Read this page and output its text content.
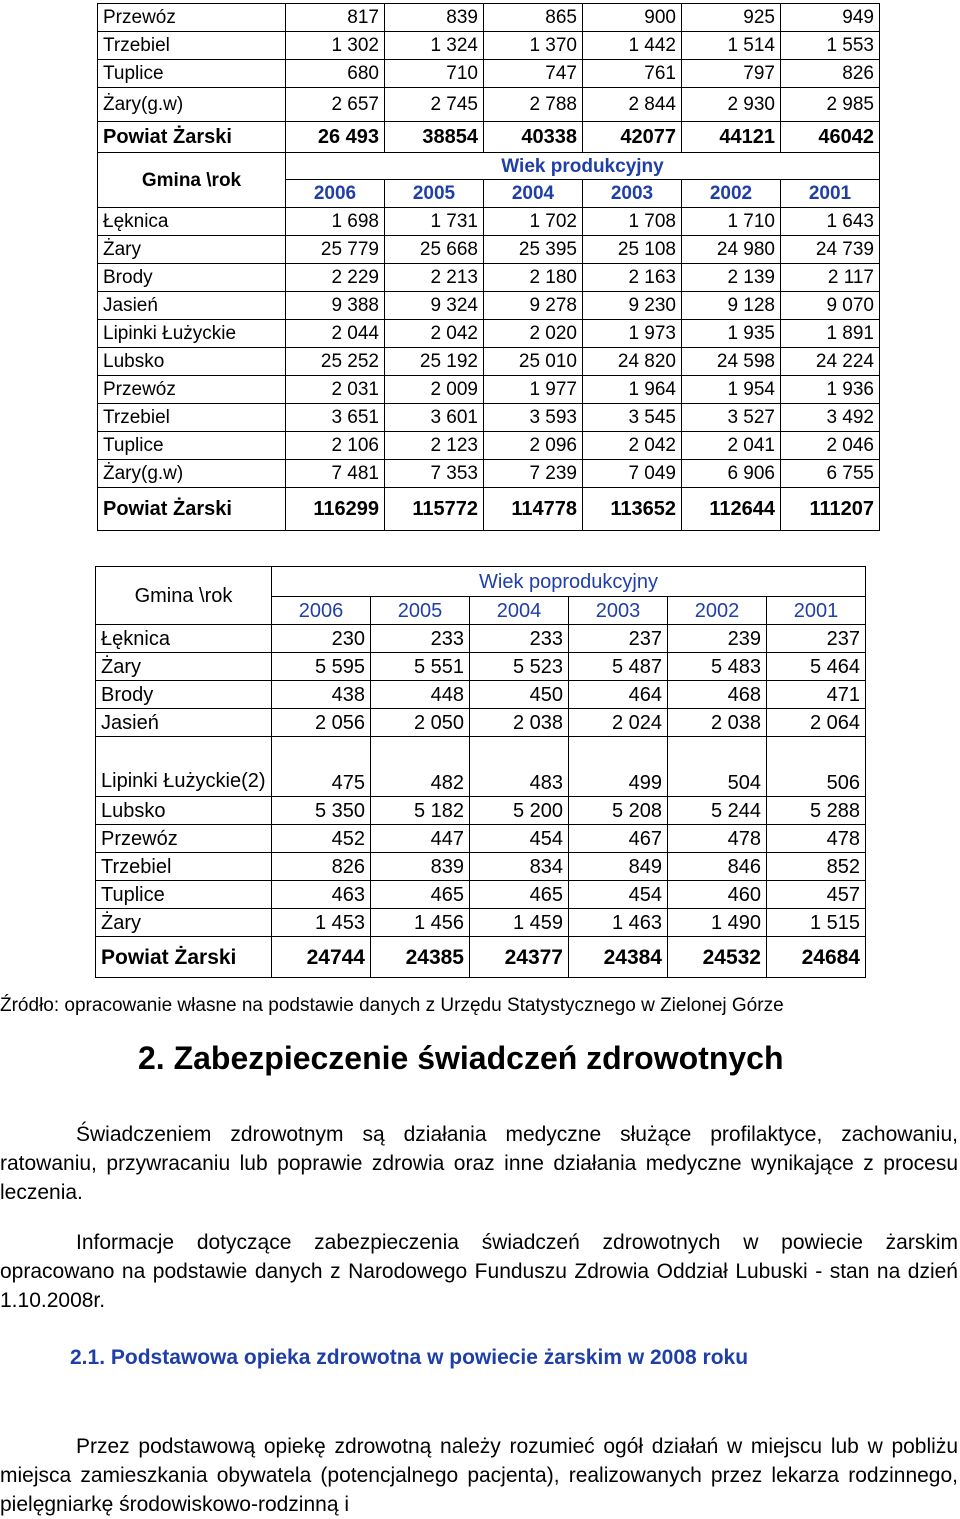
Przewóz	817	839	865	900	925	949
Trzebiel	1 302	1 324	1 370	1 442	1 514	1 553
Tuplice	680	710	747	761	797	826
Żary(g.w)	2 657	2 745	2 788	2 844	2 930	2 985
Powiat Żarski	26 493	38854	40338	42077	44121	46042
Gmina \rok	Wiek produkcyjny					
	2006	2005	2004	2003	2002	2001
Łęknica	1 698	1 731	1 702	1 708	1 710	1 643
Żary	25 779	25 668	25 395	25 108	24 980	24 739
Brody	2 229	2 213	2 180	2 163	2 139	2 117
Jasień	9 388	9 324	9 278	9 230	9 128	9 070
Lipinki Łużyckie	2 044	2 042	2 020	1 973	1 935	1 891
Lubsko	25 252	25 192	25 010	24 820	24 598	24 224
Przewóz	2 031	2 009	1 977	1 964	1 954	1 936
Trzebiel	3 651	3 601	3 593	3 545	3 527	3 492
Tuplice	2 106	2 123	2 096	2 042	2 041	2 046
Żary(g.w)	7 481	7 353	7 239	7 049	6 906	6 755
Powiat Żarski	116299	115772	114778	113652	112644	111207
Gmina \rok	Wiek poprodukcyjny					
	2006	2005	2004	2003	2002	2001
Łęknica	230	233	233	237	239	237
Żary	5 595	5 551	5 523	5 487	5 483	5 464
Brody	438	448	450	464	468	471
Jasień	2 056	2 050	2 038	2 024	2 038	2 064
Lipinki Łużyckie(2)	475	482	483	499	504	506
Lubsko	5 350	5 182	5 200	5 208	5 244	5 288
Przewóz	452	447	454	467	478	478
Trzebiel	826	839	834	849	846	852
Tuplice	463	465	465	454	460	457
Żary	1 453	1 456	1 459	1 463	1 490	1 515
Powiat Żarski	24744	24385	24377	24384	24532	24684
Źródło: opracowanie własne na podstawie danych z Urzędu Statystycznego w Zielonej Górze
2. Zabezpieczenie świadczeń zdrowotnych
Świadczeniem zdrowotnym są działania medyczne służące profilaktyce, zachowaniu, ratowaniu, przywracaniu lub poprawie zdrowia oraz inne działania medyczne wynikające z procesu leczenia.
Informacje dotyczące zabezpieczenia świadczeń zdrowotnych w powiecie żarskim opracowano na podstawie danych z Narodowego Funduszu Zdrowia Oddział Lubuski - stan na dzień 1.10.2008r.
2.1. Podstawowa opieka zdrowotna w powiecie żarskim w 2008 roku
Przez podstawową opiekę zdrowotną należy rozumieć ogół działań w miejscu lub w pobliżu miejsca zamieszkania obywatela (potencjalnego pacjenta), realizowanych przez lekarza rodzinnego, pielęgniarkę środowiskowo-rodzinną i
